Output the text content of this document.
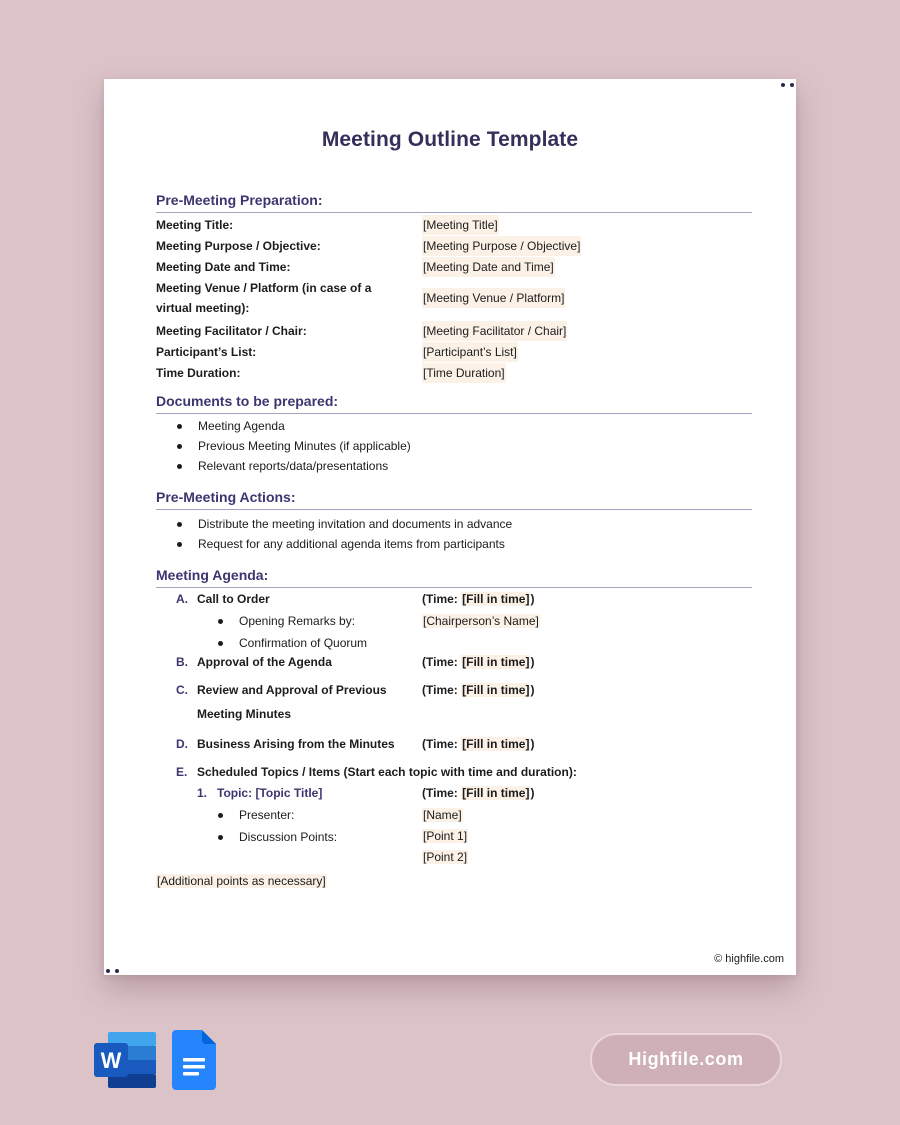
Meeting Outline Template
Pre-Meeting Preparation:
Meeting Title:	[Meeting Title]
Meeting Purpose / Objective:	[Meeting Purpose / Objective]
Meeting Date and Time:	[Meeting Date and Time]
Meeting Venue / Platform (in case of a virtual meeting):
[Meeting Venue / Platform]
Meeting Facilitator / Chair:	[Meeting Facilitator / Chair]
Participant’s List:	[Participant’s List]
Time Duration:	[Time Duration]
Documents to be prepared:
Meeting Agenda
Previous Meeting Minutes (if applicable)
Relevant reports/data/presentations
Pre-Meeting Actions:
Distribute the meeting invitation and documents in advance
Request for any additional agenda items from participants
Meeting Agenda:
A. Call to Order	(Time: [Fill in time])
Opening Remarks by:	[Chairperson’s Name]
Confirmation of Quorum
B. Approval of the Agenda	(Time: [Fill in time])
C. Review and Approval of Previous
Meeting Minutes
(Time: [Fill in time])
D. Business Arising from the Minutes (Time: [Fill in time])
E. Scheduled Topics / Items (Start each topic with time and duration):
1. Topic: [Topic Title]	(Time: [Fill in time])
Presenter:	[Name]
Discussion Points:	[Point 1]
[Point 2]
[Additional points as necessary]
© highfile.com
W	Highfile.com
